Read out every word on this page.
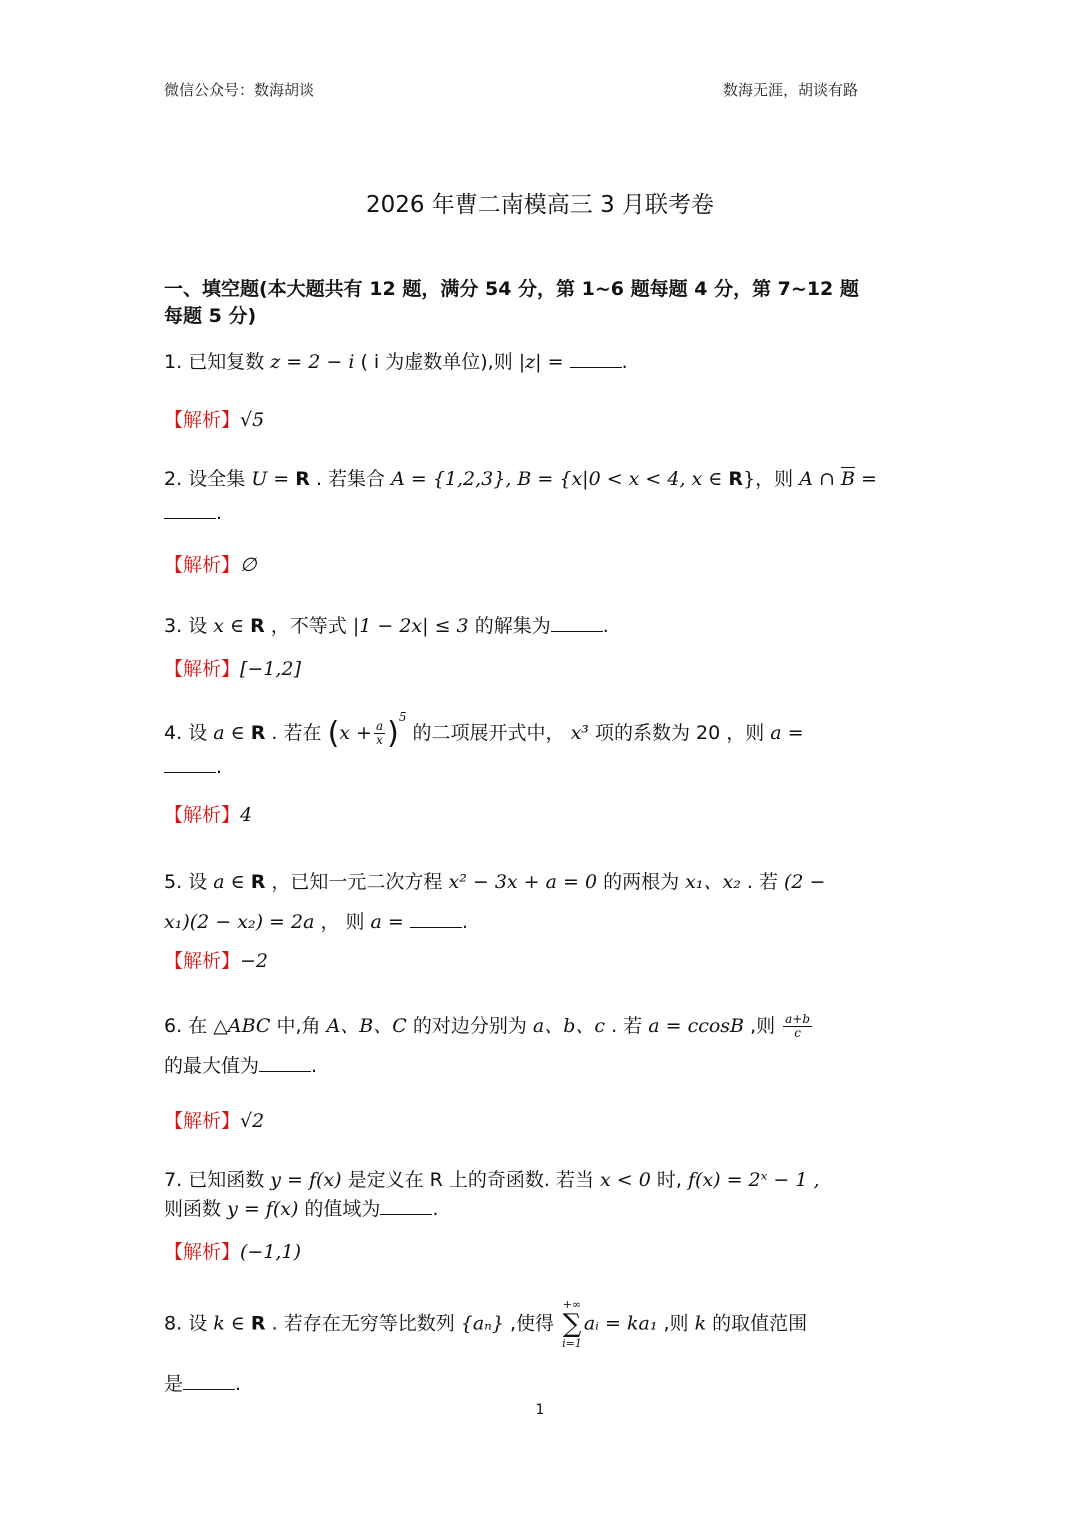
微信公众号：数海胡谈	数海无涯，胡谈有路
2026 年曹二南模高三 3 月联考卷
一、填空题(本大题共有 12 题，满分 54 分，第 1~6 题每题 4 分，第 7~12 题
每题 5 分)
1. 已知复数 z = 2 − i ( i 为虚数单位),则 |z| =	.
【解析】√5
2. 设全集 U = R . 若集合 A = {1,2,3}, B = {x|0 < x < 4, x ∈ R}，则 A ∩ $\overline{B}$ =
.
【解析】∅
3. 设 x ∈ R ，不等式 |1 − 2x| ≤ 3 的解集为	.
【解析】[−1,2]
4. 设 a ∈ R . 若在 $(x + \frac{a}{x} )^5$ 的二项展开式中， x³ 项的系数为 20 ，则 a =
.
【解析】4
5. 设 a ∈ R ，已知一元二次方程 x² − 3x + a = 0 的两根为 x₁、x₂ . 若 (2 −
x₁)(2 − x₂) = 2a ， 则 a =	.
【解析】−2
6. 在 △ABC 中,角 A、B、C 的对边分别为 a、b、c . 若 a = ccosB ,则 $\frac{a+b}{c}$

的最大值为	.
【解析】√2
7. 已知函数 y = f(x) 是定义在 R 上的奇函数. 若当 x < 0 时, f(x) = 2ˣ − 1 ,
则函数 y = f(x) 的值域为	.
【解析】(−1,1)
8. 设 k ∈ R . 若存在无穷等比数列 {aₙ} ,使得
+∞
∑
i=1
aᵢ = ka₁ ,则 k 的取值范围
是	.
1
